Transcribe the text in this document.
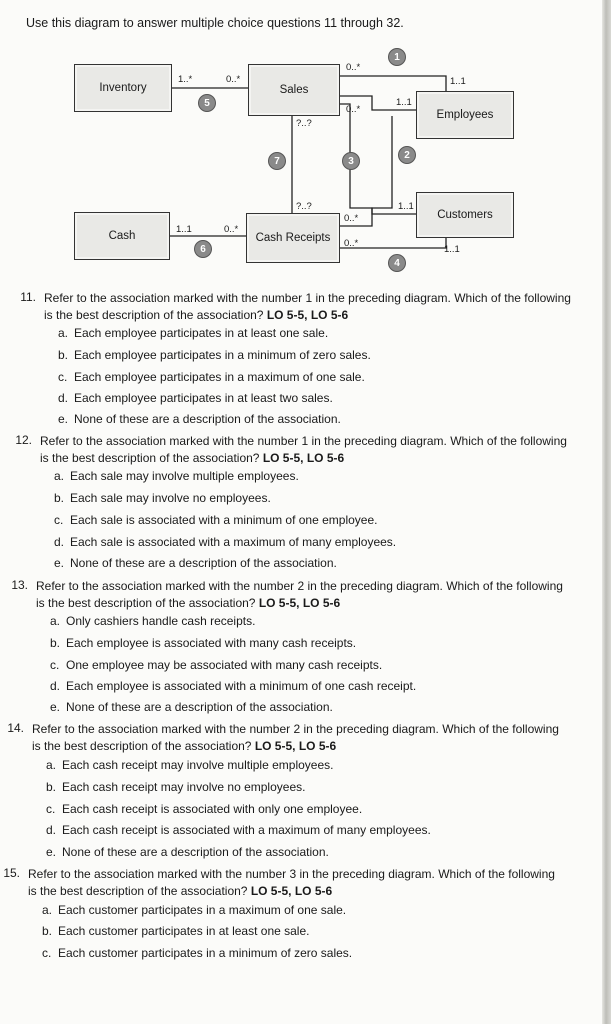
Use this diagram to answer multiple choice questions 11 through 32.
Inventory	Sales
Employees
Cash	Cash Receipts
Customers
1..*	0..*
0..*
1..1
0..*
1..1
?..?
?..?
1..1	0..*
0..*
0..*
1..1
1..1
1
2
3
4
5
6
7
11. Refer to the association marked with the number 1 in the preceding diagram. Which of the following is the best description of the association? LO 5-5, LO 5-6
a. Each employee participates in at least one sale.
b. Each employee participates in a minimum of zero sales.
c. Each employee participates in a maximum of one sale.
d. Each employee participates in at least two sales.
e. None of these are a description of the association.
12. Refer to the association marked with the number 1 in the preceding diagram. Which of the following is the best description of the association? LO 5-5, LO 5-6
a. Each sale may involve multiple employees.
b. Each sale may involve no employees.
c. Each sale is associated with a minimum of one employee.
d. Each sale is associated with a maximum of many employees.
e. None of these are a description of the association.
13. Refer to the association marked with the number 2 in the preceding diagram. Which of the following is the best description of the association? LO 5-5, LO 5-6
a. Only cashiers handle cash receipts.
b. Each employee is associated with many cash receipts.
c. One employee may be associated with many cash receipts.
d. Each employee is associated with a minimum of one cash receipt.
e. None of these are a description of the association.
14. Refer to the association marked with the number 2 in the preceding diagram. Which of the following is the best description of the association? LO 5-5, LO 5-6
a. Each cash receipt may involve multiple employees.
b. Each cash receipt may involve no employees.
c. Each cash receipt is associated with only one employee.
d. Each cash receipt is associated with a maximum of many employees.
e. None of these are a description of the association.
15. Refer to the association marked with the number 3 in the preceding diagram. Which of the following is the best description of the association? LO 5-5, LO 5-6
a. Each customer participates in a maximum of one sale.
b. Each customer participates in at least one sale.
c. Each customer participates in a minimum of zero sales.
